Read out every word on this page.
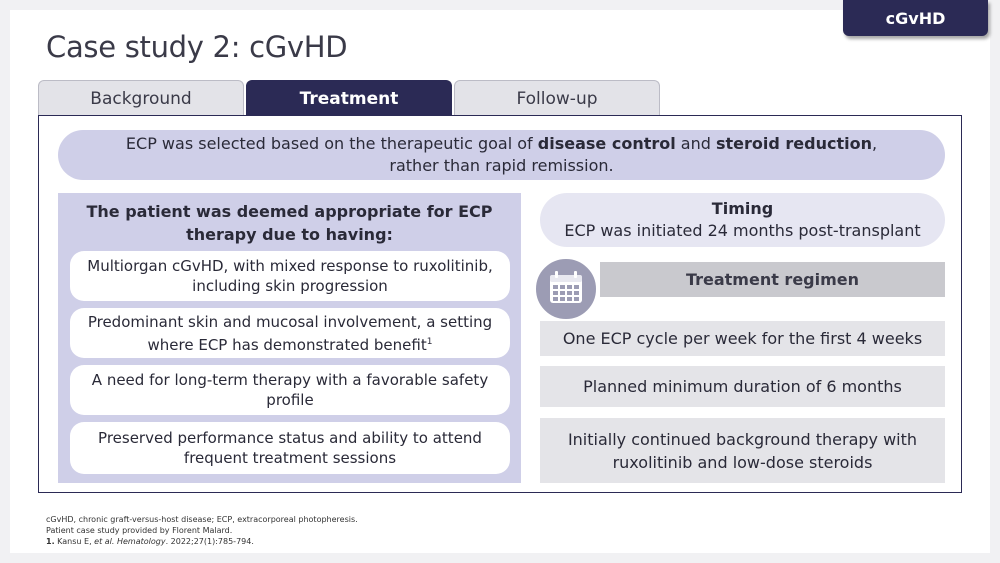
cGvHD
Case study 2: cGvHD
Background	Treatment	Follow-up
ECP was selected based on the therapeutic goal of disease control and steroid reduction,
rather than rapid remission.
The patient was deemed appropriate for ECP
therapy due to having:
Multiorgan cGvHD, with mixed response to ruxolitinib,
including skin progression
Predominant skin and mucosal involvement, a setting
where ECP has demonstrated benefit$^1$
A need for long-term therapy with a favorable safety profile
Preserved performance status and ability to attend
frequent treatment sessions
Timing
ECP was initiated 24 months post-transplant
Treatment regimen
One ECP cycle per week for the first 4 weeks
Planned minimum duration of 6 months
Initially continued background therapy with
ruxolitinib and low-dose steroids
cGvHD, chronic graft-versus-host disease; ECP, extracorporeal photopheresis.
Patient case study provided by Florent Malard.
1. Kansu E, et al. Hematology. 2022;27(1):785-794.
